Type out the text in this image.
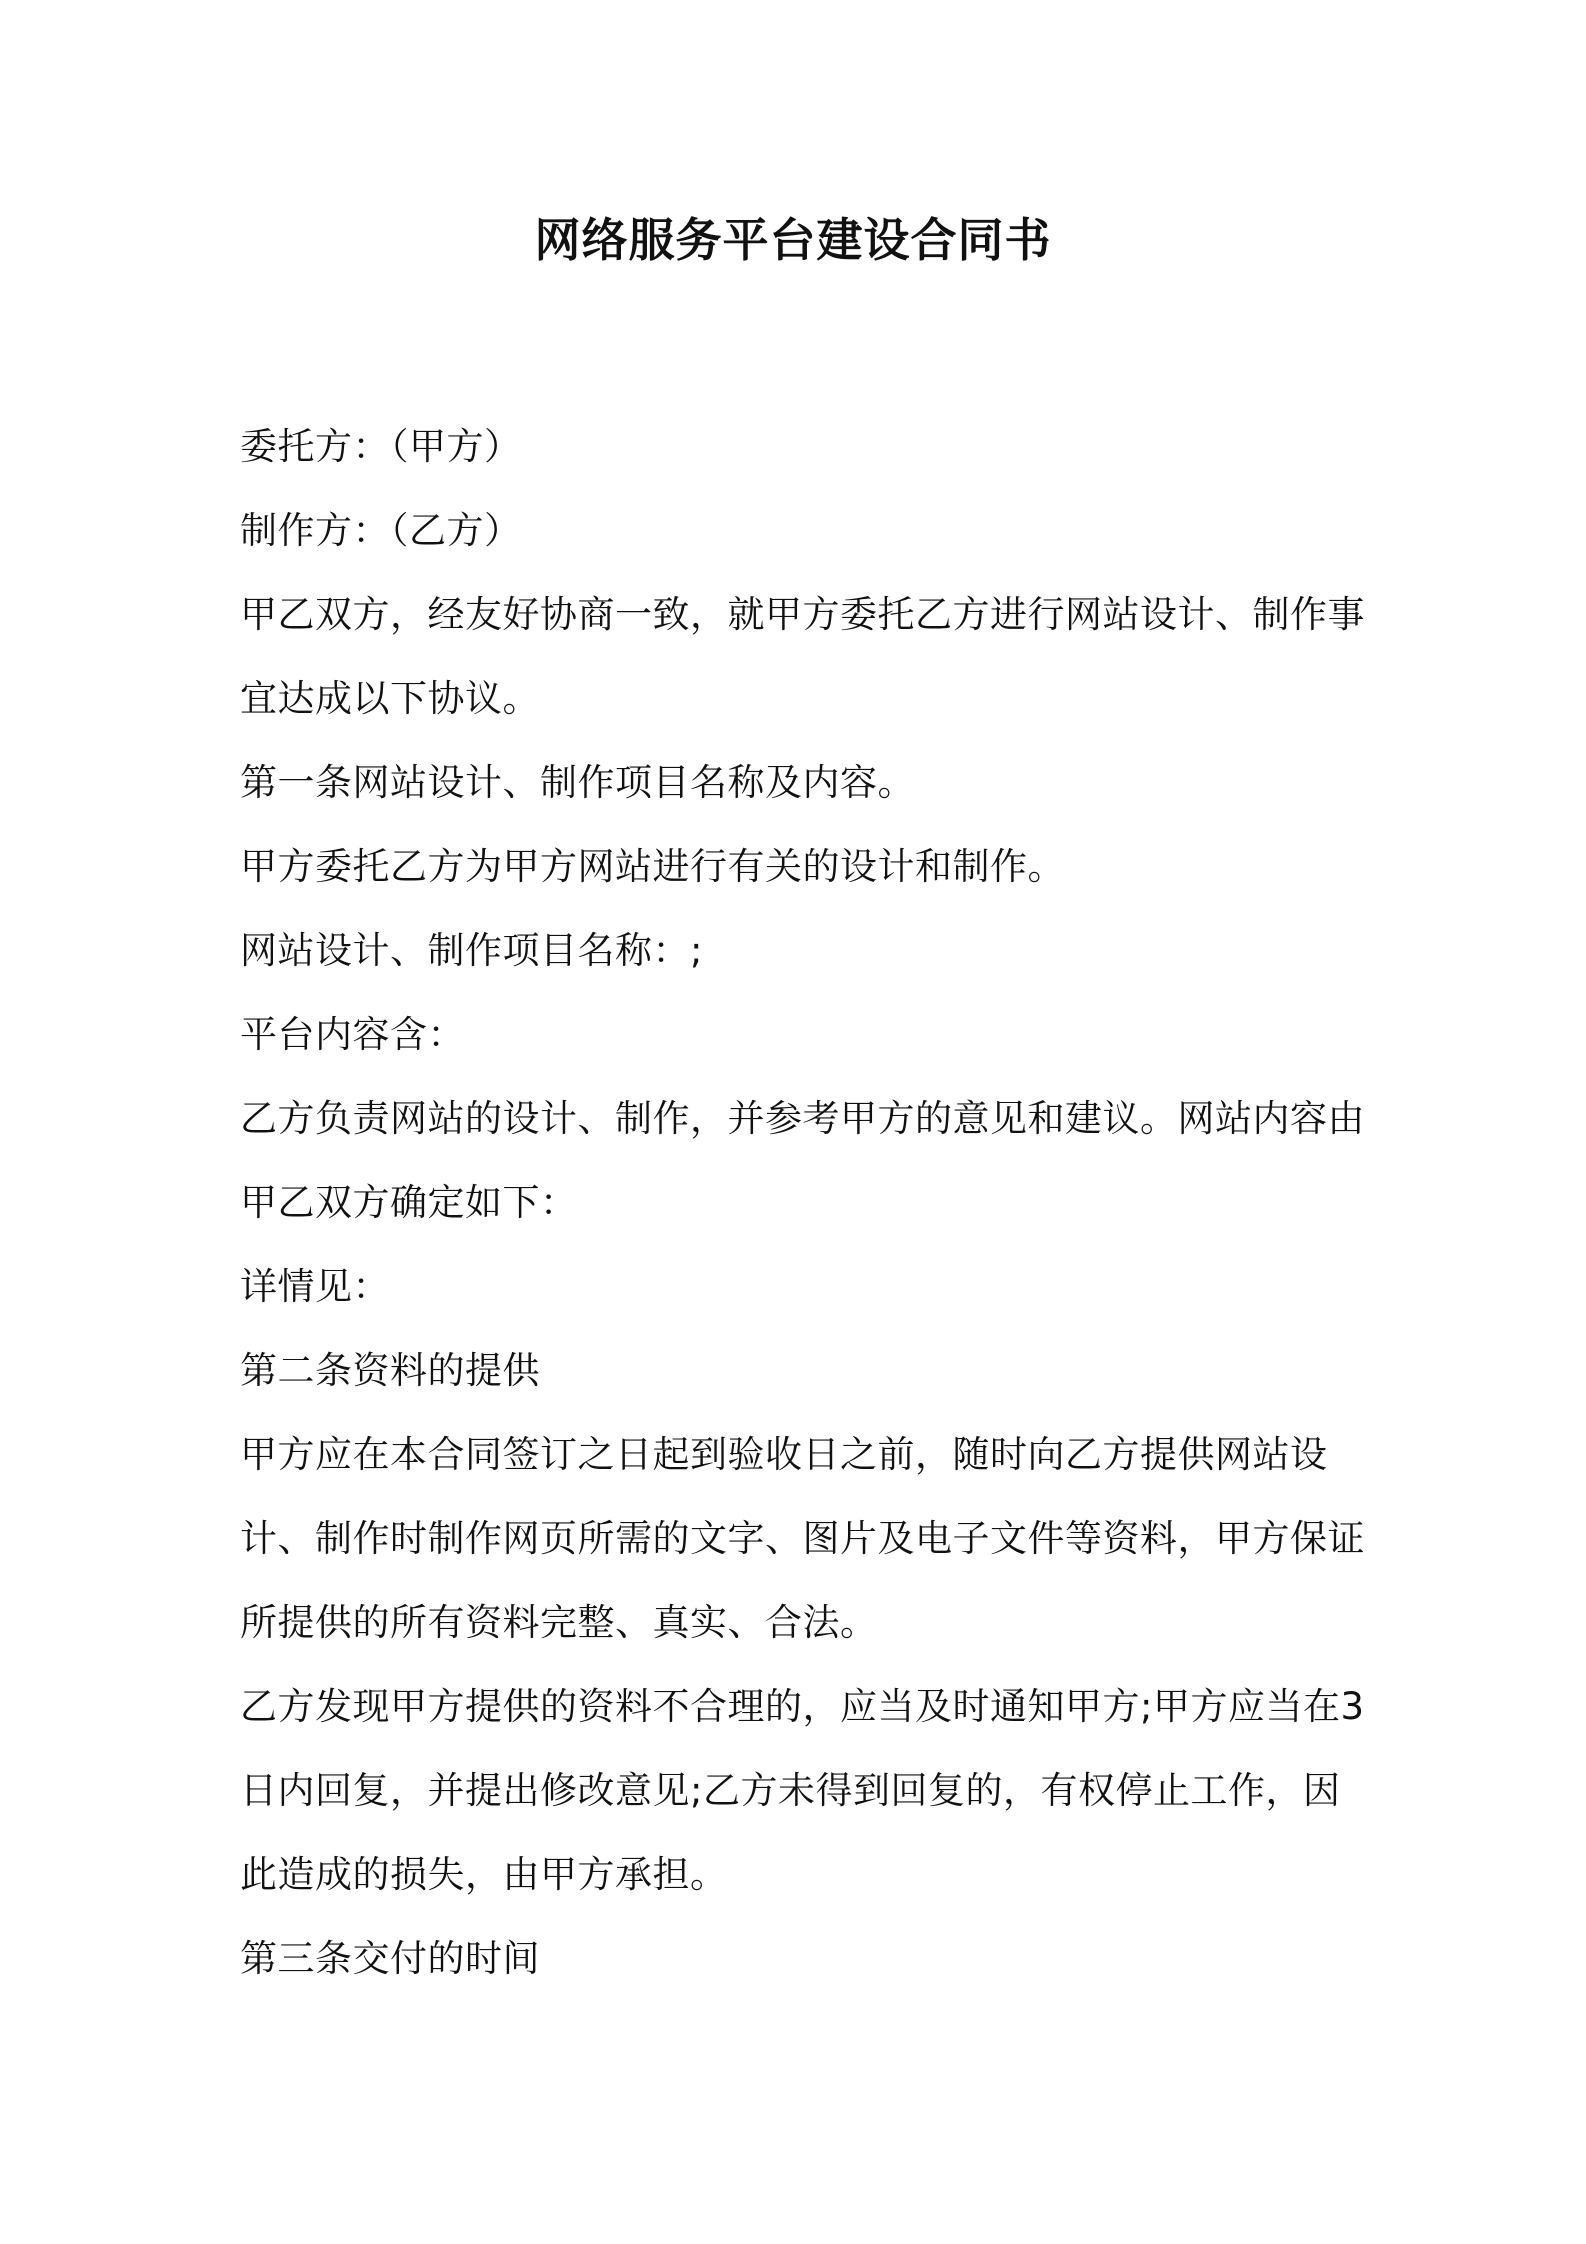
网络服务平台建设合同书

委托方：（甲方）

制作方：（乙方）

甲乙双方，经友好协商一致，就甲方委托乙方进行网站设计、制作事

宜达成以下协议。

第一条网站设计、制作项目名称及内容。

甲方委托乙方为甲方网站进行有关的设计和制作。

网站设计、制作项目名称：;

平台内容含：

乙方负责网站的设计、制作，并参考甲方的意见和建议。网站内容由

甲乙双方确定如下：

详情见：

第二条资料的提供

甲方应在本合同签订之日起到验收日之前，随时向乙方提供网站设

计、制作时制作网页所需的文字、图片及电子文件等资料，甲方保证

所提供的所有资料完整、真实、合法。

乙方发现甲方提供的资料不合理的，应当及时通知甲方;甲方应当在3

日内回复，并提出修改意见;乙方未得到回复的，有权停止工作，因

此造成的损失，由甲方承担。

第三条交付的时间
